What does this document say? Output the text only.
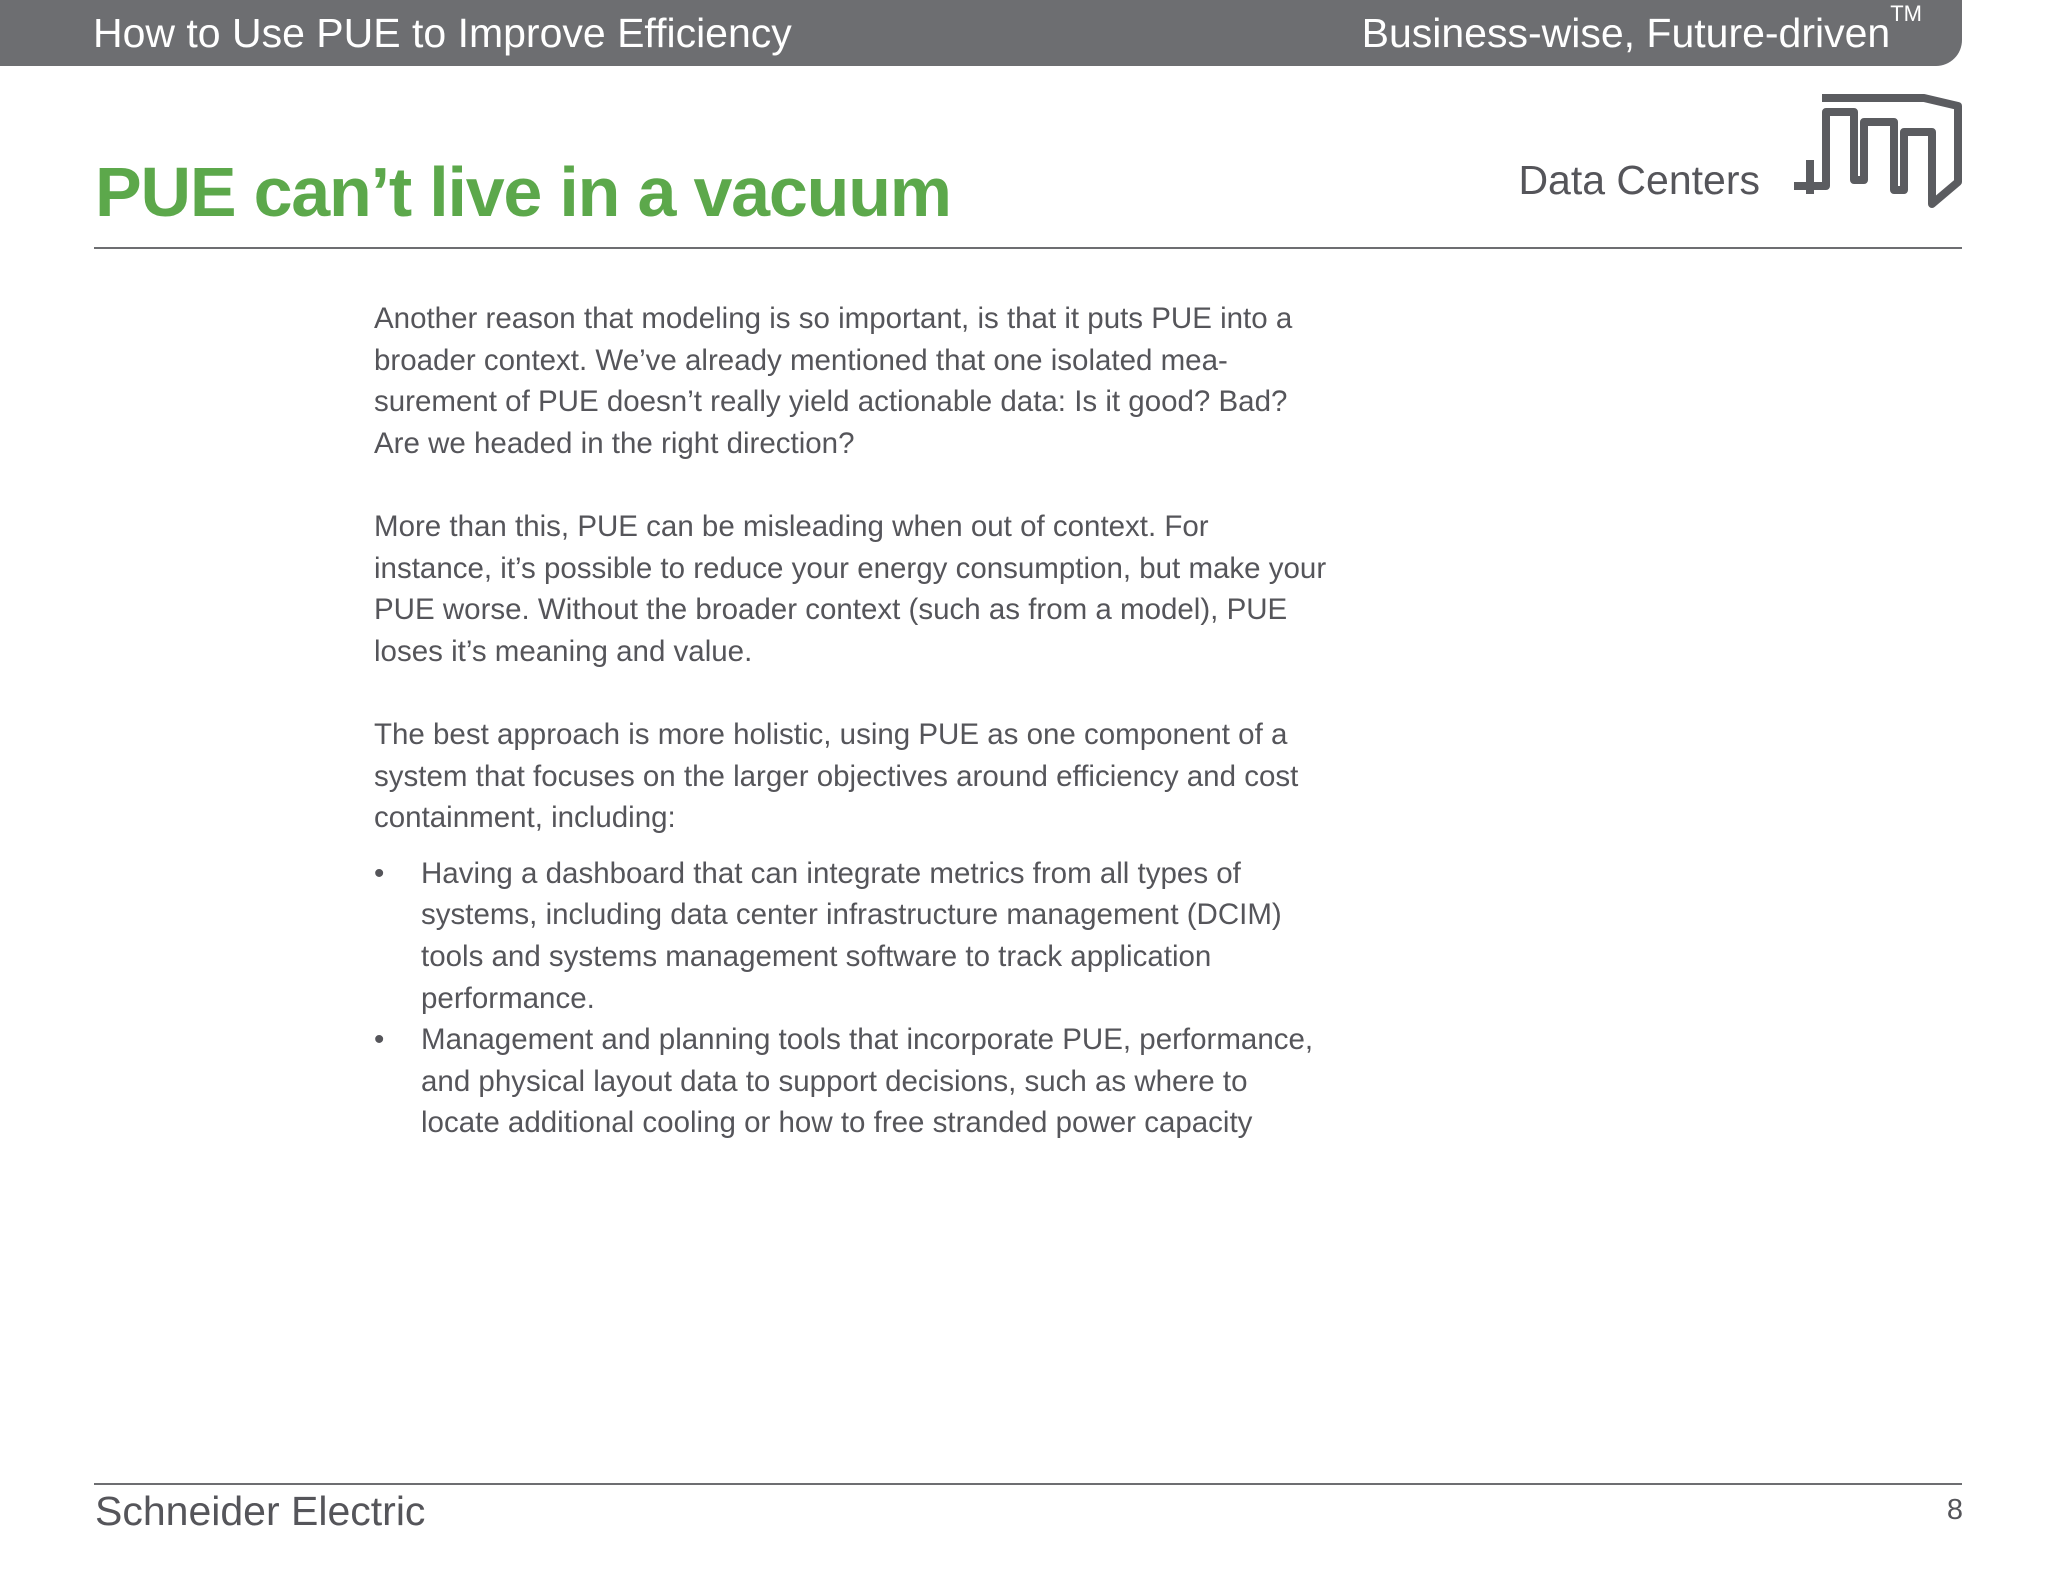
How to Use PUE to Improve Efficiency	Business-wise, Future-driven™
PUE can’t live in a vacuum	Data Centers

Another reason that modeling is so important, is that it puts PUE into a broader context. We’ve already mentioned that one isolated mea-surement of PUE doesn’t really yield actionable data: Is it good? Bad? Are we headed in the right direction?

More than this, PUE can be misleading when out of context. For instance, it’s possible to reduce your energy consumption, but make your PUE worse. Without the broader context (such as from a model), PUE loses it’s meaning and value.

The best approach is more holistic, using PUE as one component of a system that focuses on the larger objectives around efficiency and cost containment, including:

•	Having a dashboard that can integrate metrics from all types of systems, including data center infrastructure management (DCIM) tools and systems management software to track application performance.
•	Management and planning tools that incorporate PUE, performance, and physical layout data to support decisions, such as where to locate additional cooling or how to free stranded power capacity
Schneider Electric	8
